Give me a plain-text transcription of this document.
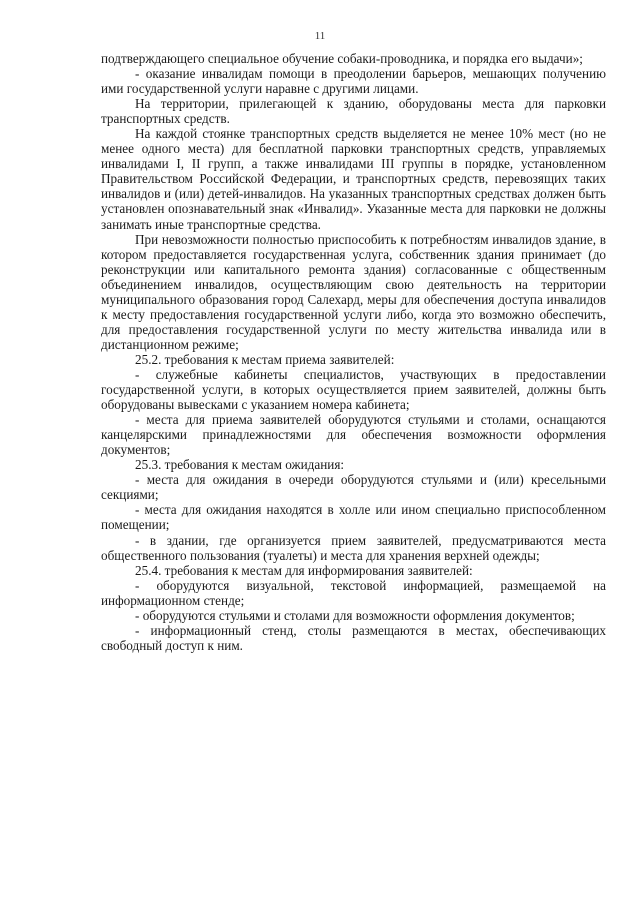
11

подтверждающего специальное обучение собаки-проводника, и порядка его выдачи»;

- оказание инвалидам помощи в преодолении барьеров, мешающих получению ими государственной услуги наравне с другими лицами.

На территории, прилегающей к зданию, оборудованы места для парковки транспортных средств.

На каждой стоянке транспортных средств выделяется не менее 10% мест (но не менее одного места) для бесплатной парковки транспортных средств, управляемых инвалидами I, II групп, а также инвалидами III группы в порядке, установленном Правительством Российской Федерации, и транспортных средств, перевозящих таких инвалидов и (или) детей-инвалидов. На указанных транспортных средствах должен быть установлен опознавательный знак «Инвалид». Указанные места для парковки не должны занимать иные транспортные средства.

При невозможности полностью приспособить к потребностям инвалидов здание, в котором предоставляется государственная услуга, собственник здания принимает (до реконструкции или капитального ремонта здания) согласованные с общественным объединением инвалидов, осуществляющим свою деятельность на территории муниципального образования город Салехард, меры для обеспечения доступа инвалидов к месту предоставления государственной услуги либо, когда это возможно обеспечить, для предоставления государственной услуги по месту жительства инвалида или в дистанционном режиме;

25.2. требования к местам приема заявителей:

- служебные кабинеты специалистов, участвующих в предоставлении государственной услуги, в которых осуществляется прием заявителей, должны быть оборудованы вывесками с указанием номера кабинета;

- места для приема заявителей оборудуются стульями и столами, оснащаются канцелярскими принадлежностями для обеспечения возможности оформления документов;

25.3. требования к местам ожидания:

- места для ожидания в очереди оборудуются стульями и (или) кресельными секциями;

- места для ожидания находятся в холле или ином специально приспособленном помещении;

- в здании, где организуется прием заявителей, предусматриваются места общественного пользования (туалеты) и места для хранения верхней одежды;

25.4. требования к местам для информирования заявителей:

- оборудуются визуальной, текстовой информацией, размещаемой на информационном стенде;

- оборудуются стульями и столами для возможности оформления документов;

- информационный стенд, столы размещаются в местах, обеспечивающих свободный доступ к ним.
